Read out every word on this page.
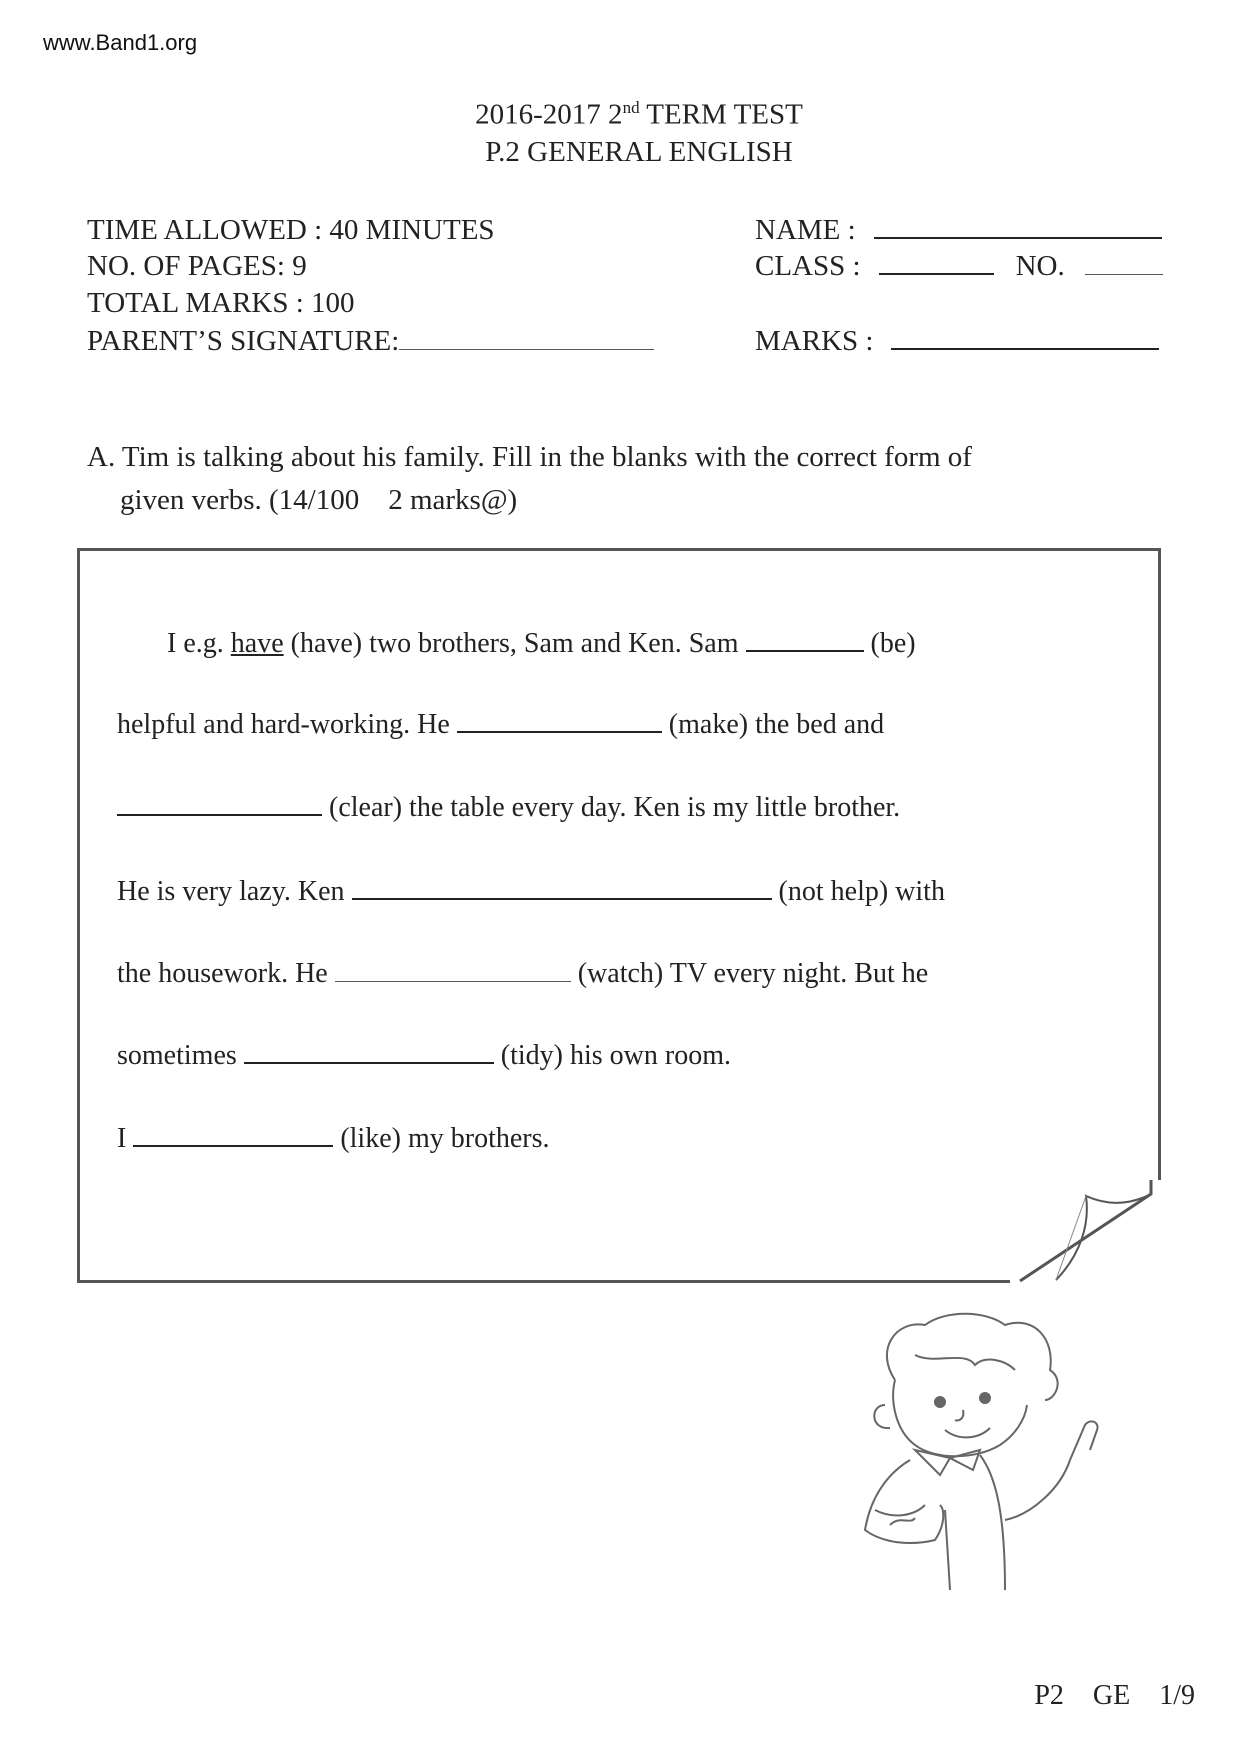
www.Band1.org
2016-2017 2nd TERM TEST
P.2 GENERAL ENGLISH
TIME ALLOWED : 40 MINUTES
NO. OF PAGES: 9
TOTAL MARKS : 100
PARENT’S SIGNATURE:
NAME :
CLASS :	NO.
MARKS :
A. Tim is talking about his family. Fill in the blanks with the correct form of
given verbs. (14/100    2 marks@)
I e.g. have (have) two brothers, Sam and Ken. Sam	(be)
helpful and hard-working. He	(make) the bed and
(clear) the table every day. Ken is my little brother.
He is very lazy. Ken	(not help) with
the housework. He	(watch) TV every night. But he
sometimes	(tidy) his own room.
I	(like) my brothers.
P2 GE 1/9
